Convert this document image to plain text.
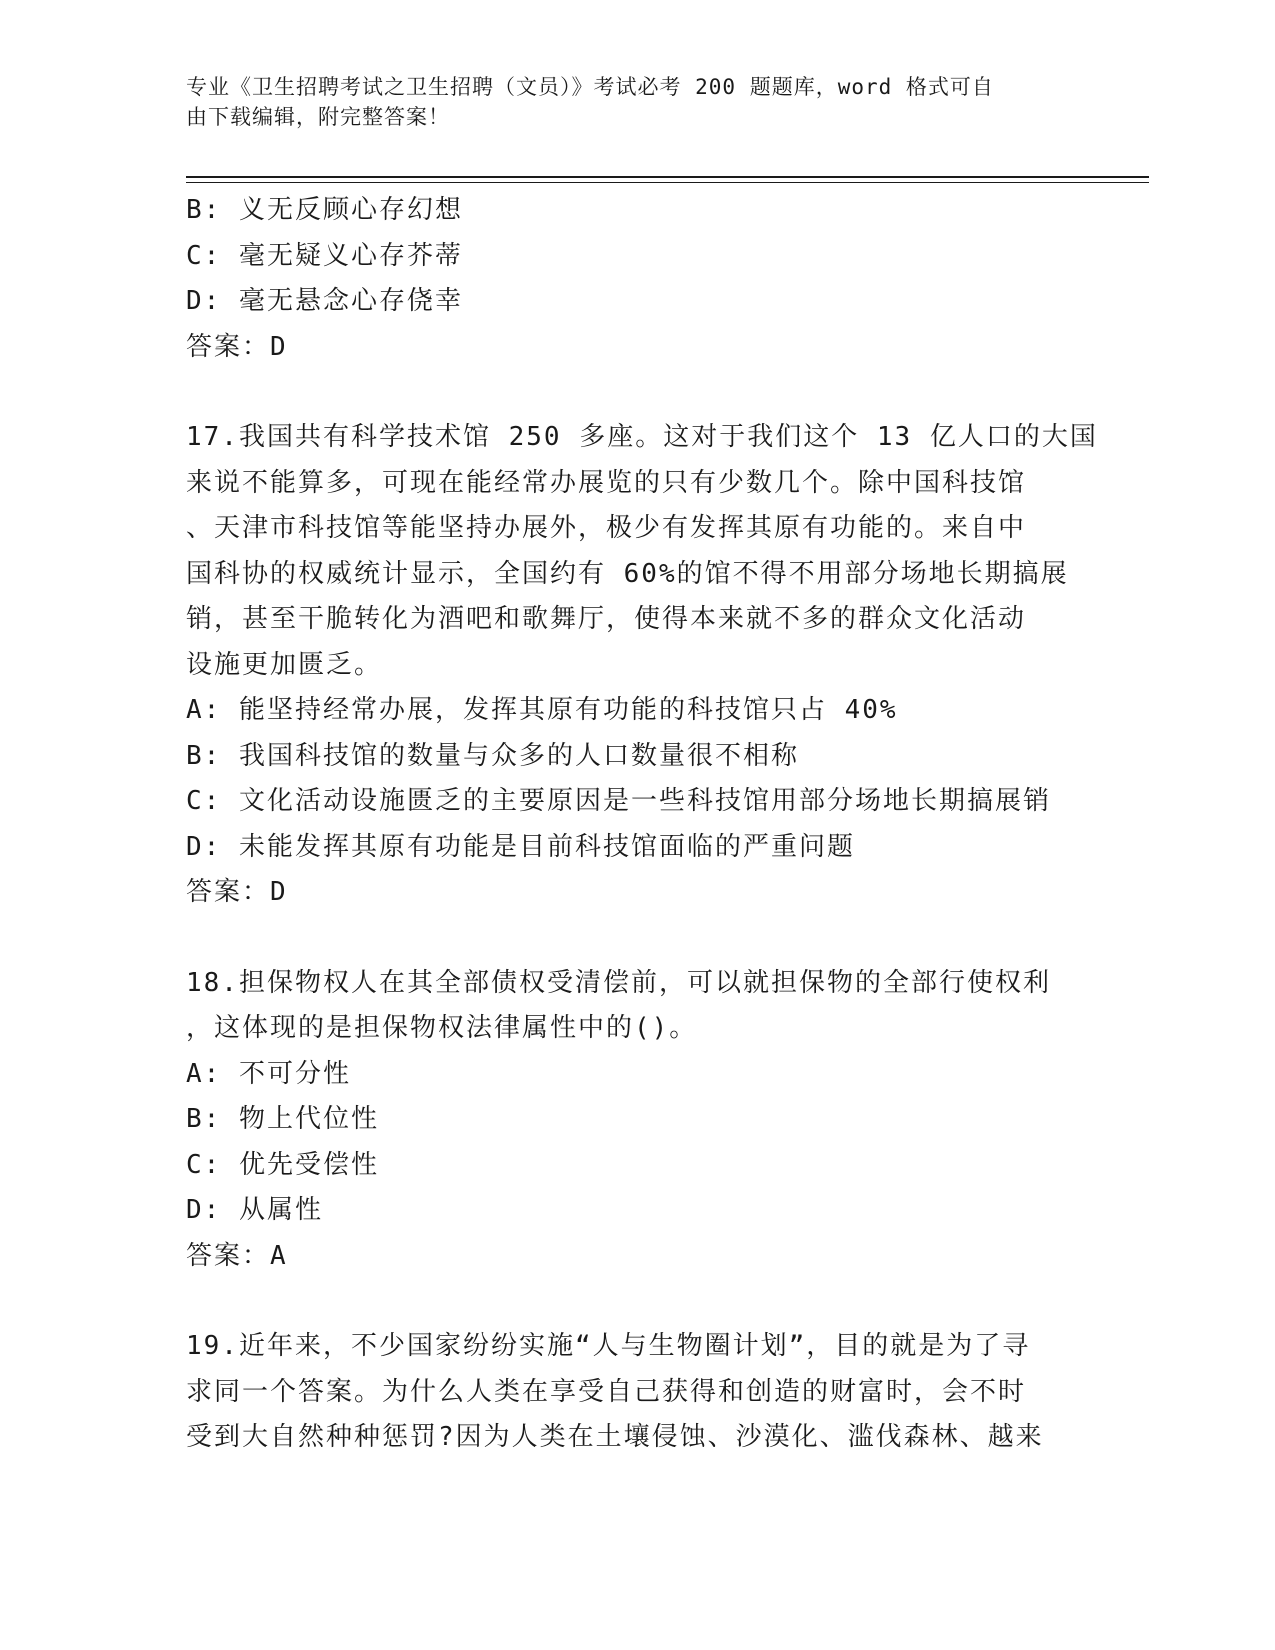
专业《卫生招聘考试之卫生招聘（文员）》考试必考 200 题题库，word 格式可自
由下载编辑，附完整答案！
B: 义无反顾心存幻想
C: 毫无疑义心存芥蒂
D: 毫无悬念心存侥幸
答案：D
17.我国共有科学技术馆 250 多座。这对于我们这个 13 亿人口的大国
来说不能算多，可现在能经常办展览的只有少数几个。除中国科技馆
、天津市科技馆等能坚持办展外，极少有发挥其原有功能的。来自中
国科协的权威统计显示，全国约有 60%的馆不得不用部分场地长期搞展
销，甚至干脆转化为酒吧和歌舞厅，使得本来就不多的群众文化活动
设施更加匮乏。
A: 能坚持经常办展，发挥其原有功能的科技馆只占 40%
B: 我国科技馆的数量与众多的人口数量很不相称
C: 文化活动设施匮乏的主要原因是一些科技馆用部分场地长期搞展销
D: 未能发挥其原有功能是目前科技馆面临的严重问题
答案：D
18.担保物权人在其全部债权受清偿前，可以就担保物的全部行使权利
，这体现的是担保物权法律属性中的()。
A: 不可分性
B: 物上代位性
C: 优先受偿性
D: 从属性
答案：A
19.近年来，不少国家纷纷实施“人与生物圈计划”，目的就是为了寻
求同一个答案。为什么人类在享受自己获得和创造的财富时，会不时
受到大自然种种惩罚?因为人类在土壤侵蚀、沙漠化、滥伐森林、越来
